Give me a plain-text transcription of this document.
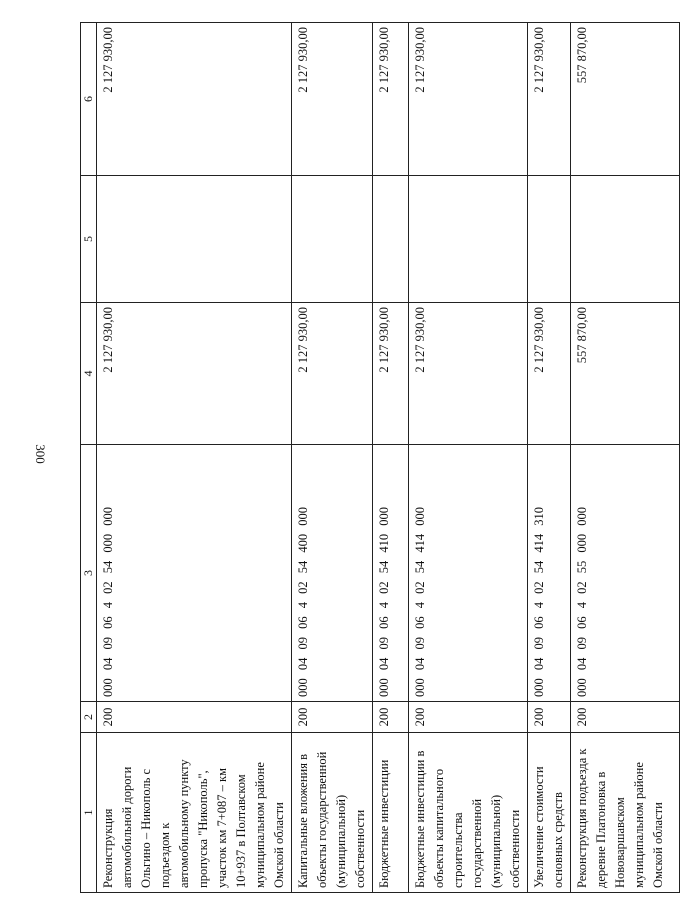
300
1	2	3	4	5	6
Реконструкция автомобильной дороги Ольгино – Никополь с подъездом к автомобильному пункту пропуска "Никополь", участок км 7+087 – км 10+937 в Полтавском муниципальном районе Омской области	200	000 04 09 06 4 02 54 000 000	2 127 930,00		2 127 930,00
Капитальные вложения в объекты государственной (муниципальной) собственности	200	000 04 09 06 4 02 54 400 000	2 127 930,00		2 127 930,00
Бюджетные инвестиции	200	000 04 09 06 4 02 54 410 000	2 127 930,00		2 127 930,00
Бюджетные инвестиции в объекты капитального строительства государственной (муниципальной) собственности	200	000 04 09 06 4 02 54 414 000	2 127 930,00		2 127 930,00
Увеличение стоимости основных средств	200	000 04 09 06 4 02 54 414 310	2 127 930,00		2 127 930,00
Реконструкция подъезда к деревне Платоновка в Нововаршавском муниципальном районе Омской области	200	000 04 09 06 4 02 55 000 000	557 870,00		557 870,00
